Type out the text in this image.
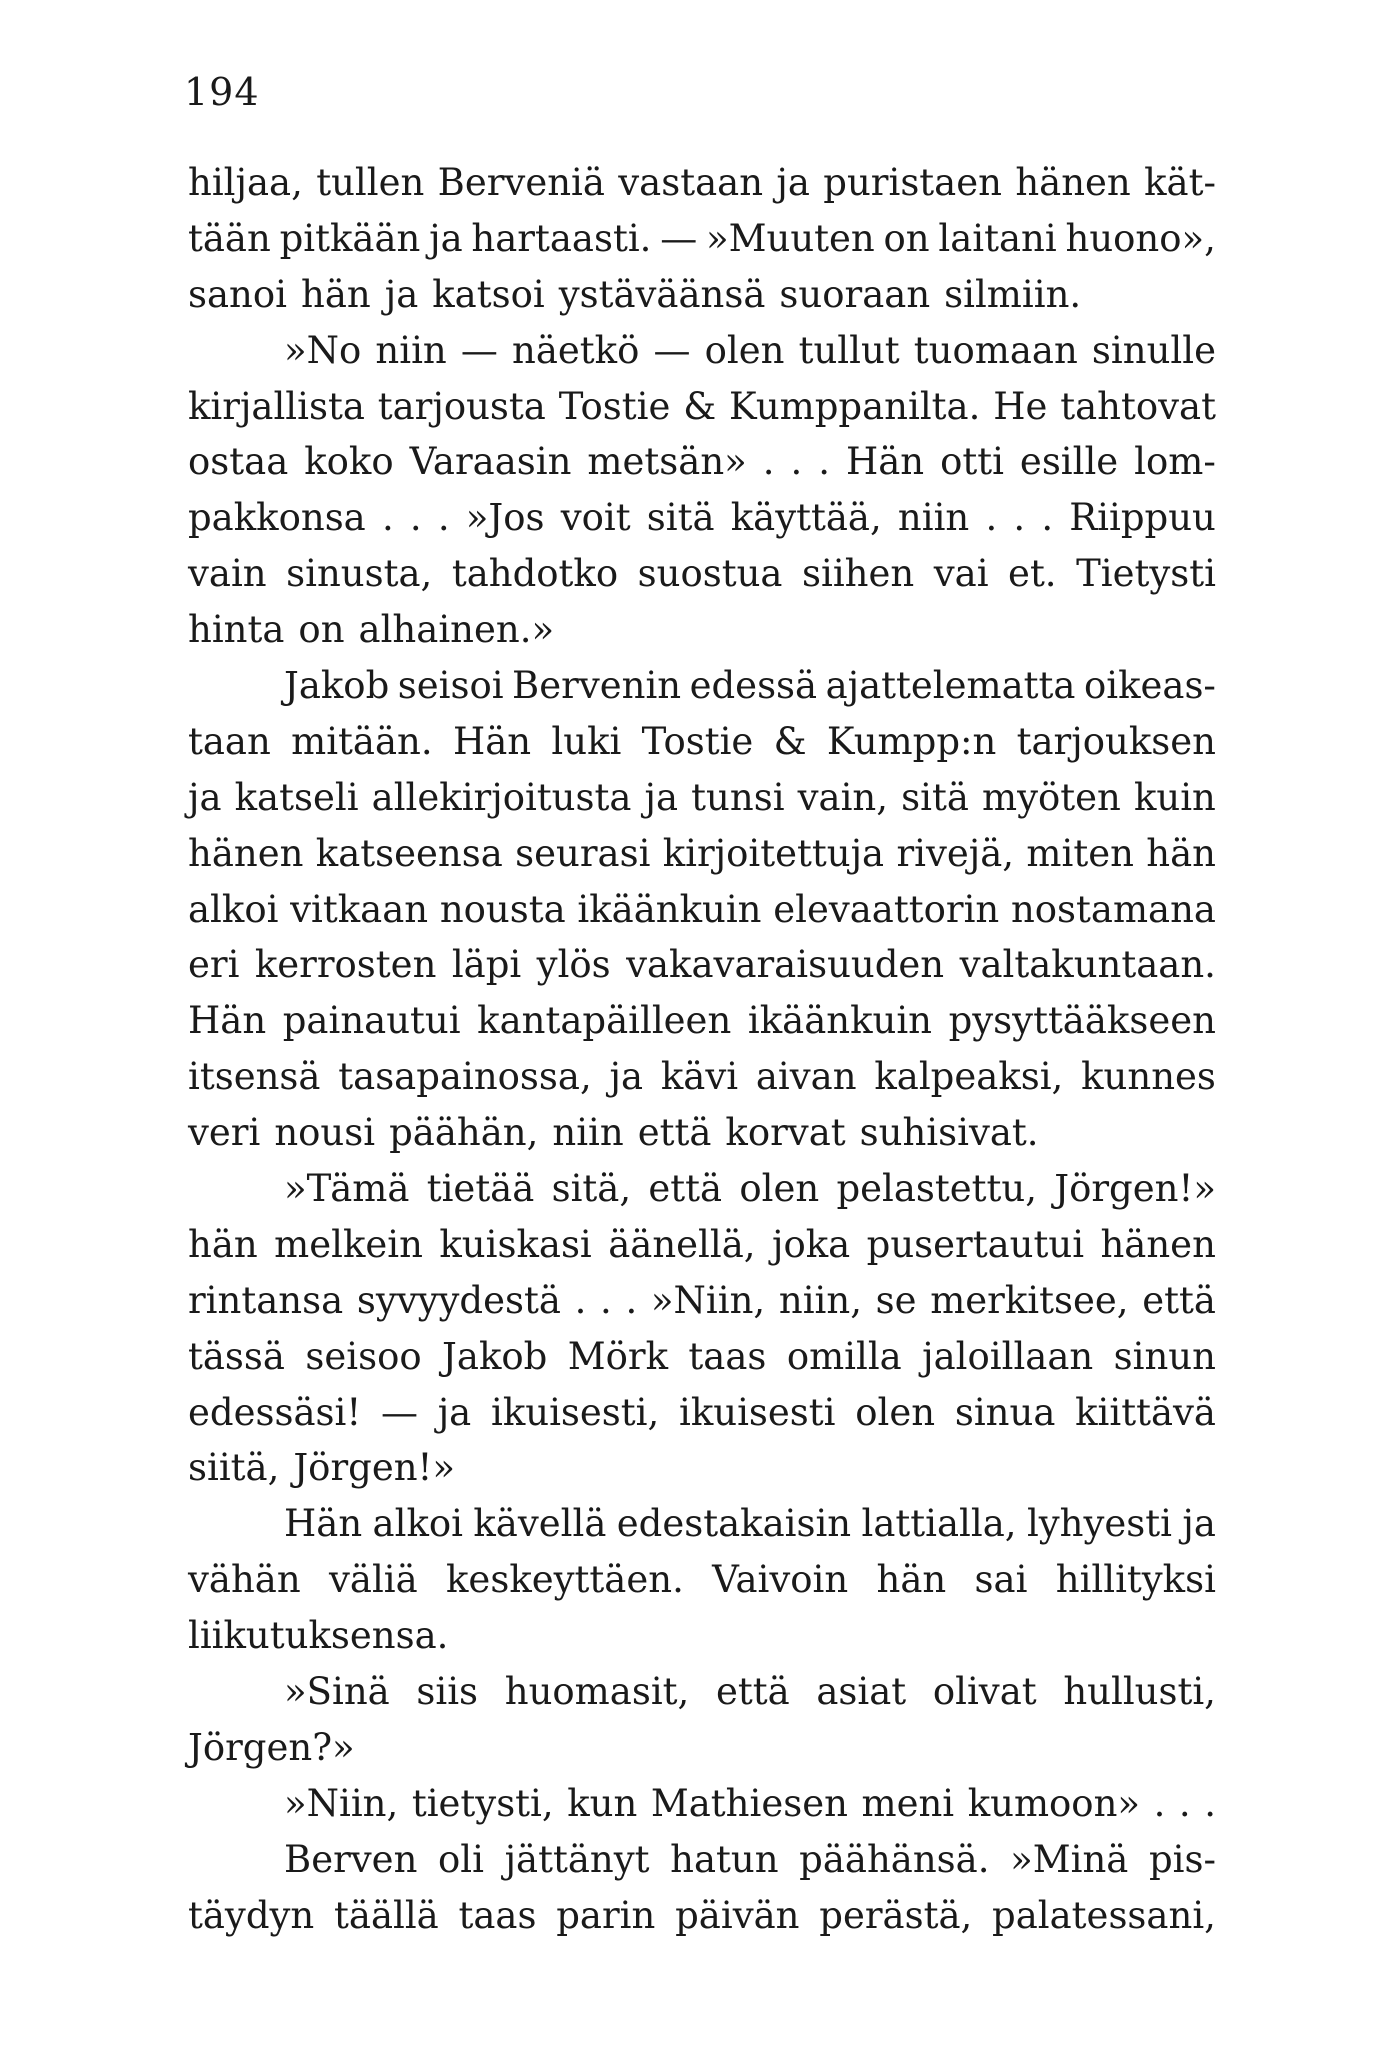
194
hiljaa, tullen Berveniä vastaan ja puristaen hänen kät-
tään pitkään ja hartaasti. — »Muuten on laitani huono»,
sanoi hän ja katsoi ystäväänsä suoraan silmiin.
»No niin — näetkö — olen tullut tuomaan sinulle
kirjallista tarjousta Tostie & Kumppanilta. He tahtovat
ostaa koko Varaasin metsän» . . . Hän otti esille lom-
pakkonsa . . . »Jos voit sitä käyttää, niin . . . Riippuu
vain sinusta, tahdotko suostua siihen vai et. Tietysti
hinta on alhainen.»
Jakob seisoi Bervenin edessä ajattelematta oikeas-
taan mitään. Hän luki Tostie & Kumpp:n tarjouksen
ja katseli allekirjoitusta ja tunsi vain, sitä myöten kuin
hänen katseensa seurasi kirjoitettuja rivejä, miten hän
alkoi vitkaan nousta ikäänkuin elevaattorin nostamana
eri kerrosten läpi ylös vakavaraisuuden valtakuntaan.
Hän painautui kantapäilleen ikäänkuin pysyttääkseen
itsensä tasapainossa, ja kävi aivan kalpeaksi, kunnes
veri nousi päähän, niin että korvat suhisivat.
»Tämä tietää sitä, että olen pelastettu, Jörgen!»
hän melkein kuiskasi äänellä, joka pusertautui hänen
rintansa syvyydestä . . . »Niin, niin, se merkitsee, että
tässä seisoo Jakob Mörk taas omilla jaloillaan sinun
edessäsi! — ja ikuisesti, ikuisesti olen sinua kiittävä
siitä, Jörgen!»
Hän alkoi kävellä edestakaisin lattialla, lyhyesti ja
vähän väliä keskeyttäen. Vaivoin hän sai hillityksi
liikutuksensa.
»Sinä siis huomasit, että asiat olivat hullusti,
Jörgen?»
»Niin, tietysti, kun Mathiesen meni kumoon» . . .
Berven oli jättänyt hatun päähänsä. »Minä pis-
täydyn täällä taas parin päivän perästä, palatessani,
